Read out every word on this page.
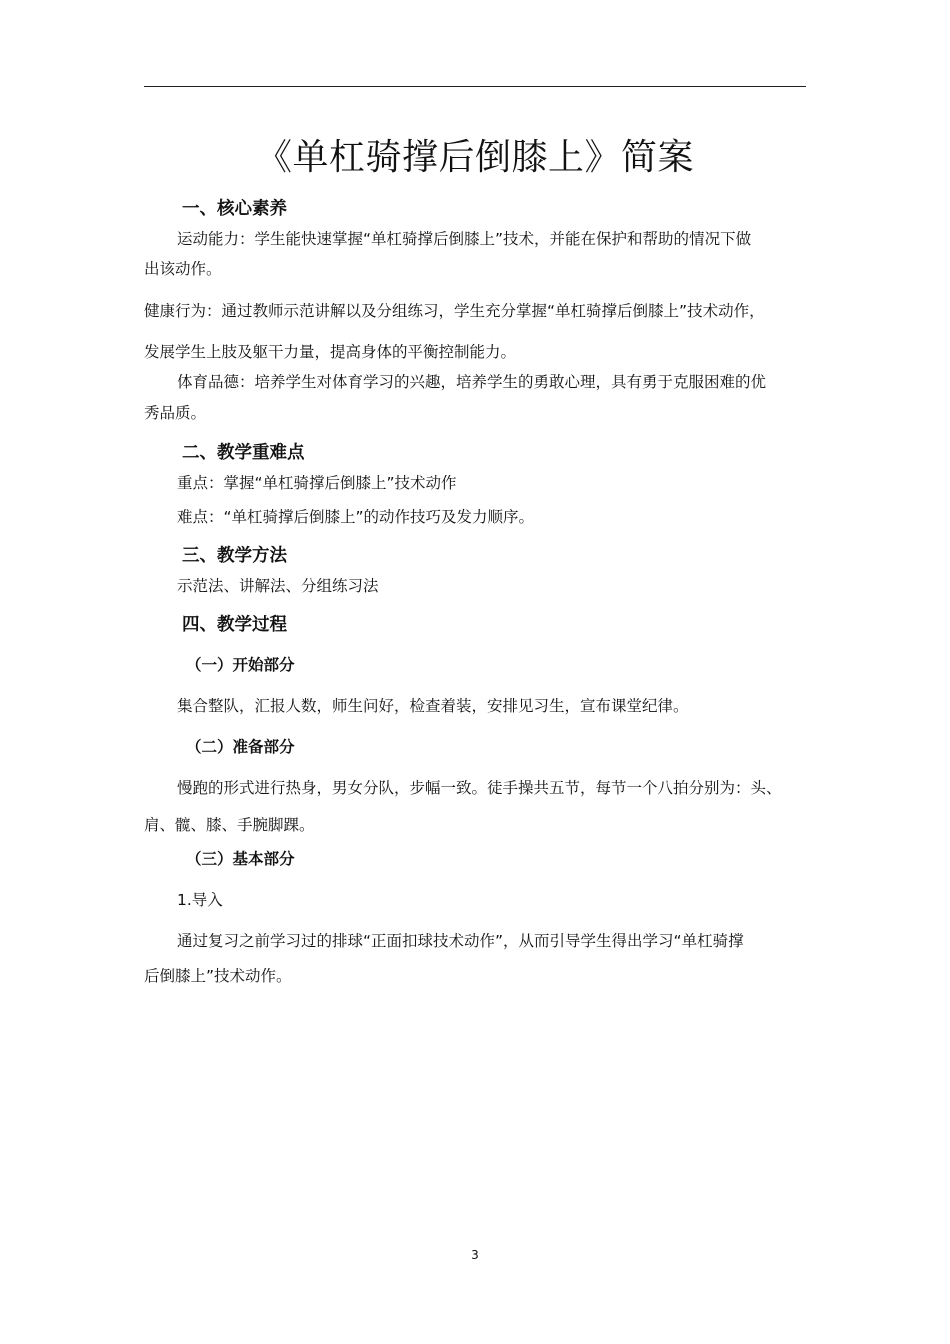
《单杠骑撑后倒膝上》简案
一、核心素养
运动能力：学生能快速掌握“单杠骑撑后倒膝上”技术，并能在保护和帮助的情况下做
出该动作。
健康行为：通过教师示范讲解以及分组练习，学生充分掌握“单杠骑撑后倒膝上”技术动作，
发展学生上肢及躯干力量，提高身体的平衡控制能力。
体育品德：培养学生对体育学习的兴趣，培养学生的勇敢心理，具有勇于克服困难的优
秀品质。
二、教学重难点
重点：掌握“单杠骑撑后倒膝上”技术动作
难点：“单杠骑撑后倒膝上”的动作技巧及发力顺序。
三、教学方法
示范法、讲解法、分组练习法
四、教学过程
（一）开始部分
集合整队，汇报人数，师生问好，检查着装，安排见习生，宣布课堂纪律。
（二）准备部分
慢跑的形式进行热身，男女分队，步幅一致。徒手操共五节，每节一个八拍分别为：头、
肩、髋、膝、手腕脚踝。
（三）基本部分
1.导入
通过复习之前学习过的排球“正面扣球技术动作”，从而引导学生得出学习“单杠骑撑
后倒膝上”技术动作。
3
